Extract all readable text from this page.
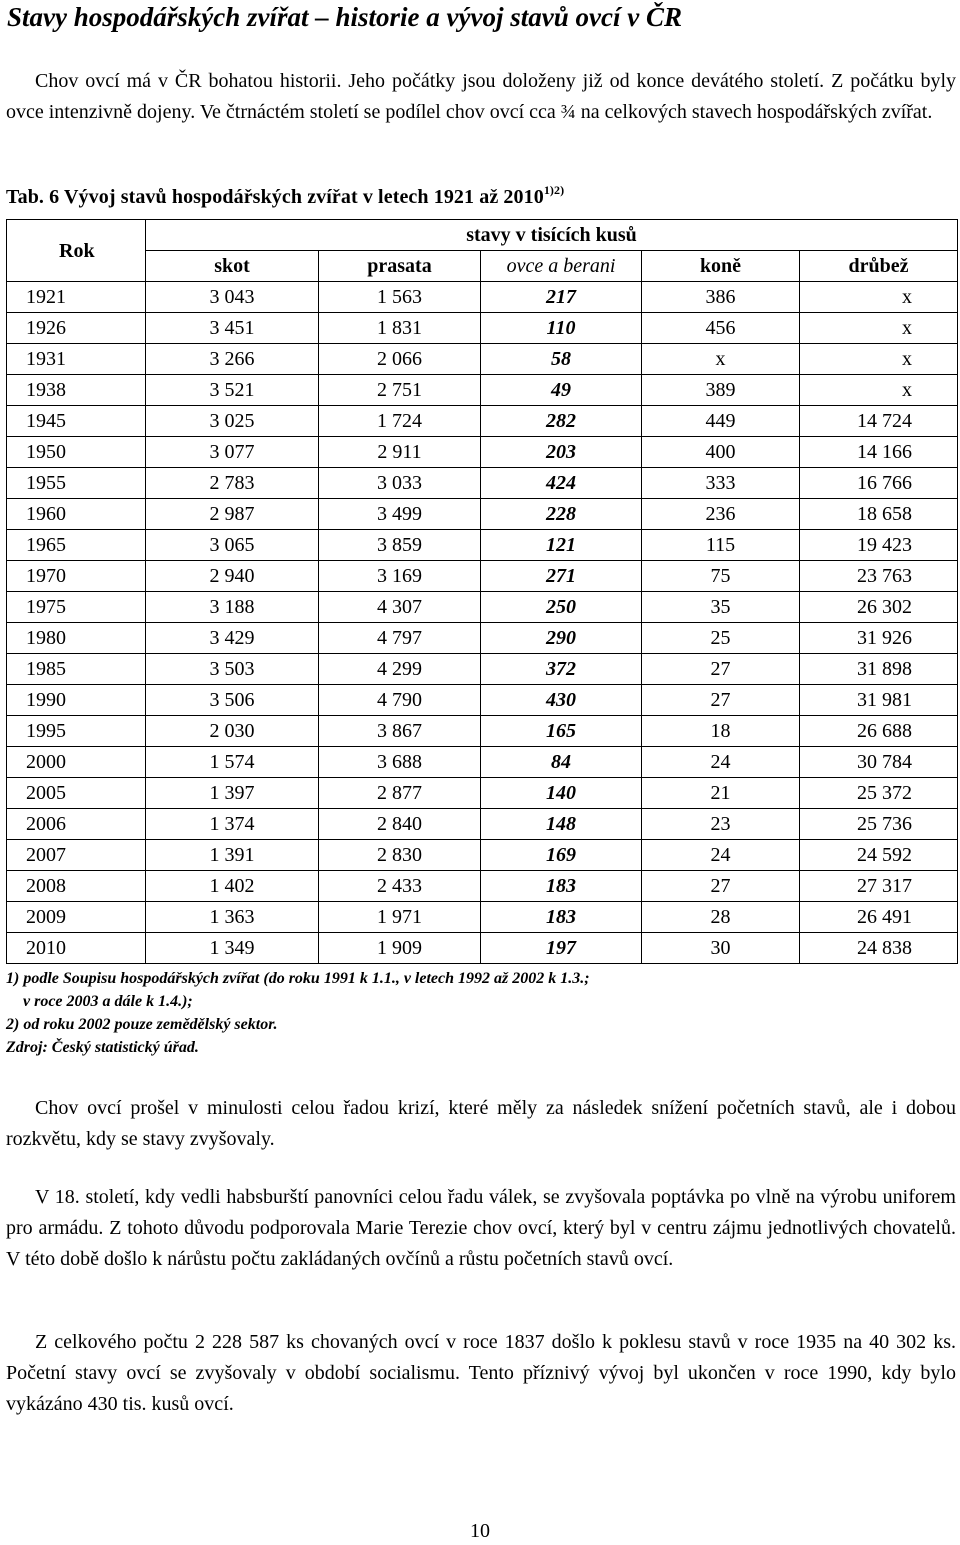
Stavy hospodářských zvířat – historie a vývoj stavů ovcí v ČR

Chov ovcí má v ČR bohatou historii. Jeho počátky jsou doloženy již od konce devátého století. Z počátku byly ovce intenzivně dojeny. Ve čtrnáctém století se podílel chov ovcí cca ¾ na celkových stavech hospodářských zvířat.

Tab. 6 Vývoj stavů hospodářských zvířat v letech 1921 až $2010^{1)2)}$
Rok	stavy v tisících kusů				
	skot	prasata	ovce a berani	koně	drůbež
1921	3 043	1 563	217	386	x
1926	3 451	1 831	110	456	x
1931	3 266	2 066	58	x	x
1938	3 521	2 751	49	389	x
1945	3 025	1 724	282	449	14 724
1950	3 077	2 911	203	400	14 166
1955	2 783	3 033	424	333	16 766
1960	2 987	3 499	228	236	18 658
1965	3 065	3 859	121	115	19 423
1970	2 940	3 169	271	75	23 763
1975	3 188	4 307	250	35	26 302
1980	3 429	4 797	290	25	31 926
1985	3 503	4 299	372	27	31 898
1990	3 506	4 790	430	27	31 981
1995	2 030	3 867	165	18	26 688
2000	1 574	3 688	84	24	30 784
2005	1 397	2 877	140	21	25 372
2006	1 374	2 840	148	23	25 736
2007	1 391	2 830	169	24	24 592
2008	1 402	2 433	183	27	27 317
2009	1 363	1 971	183	28	26 491
2010	1 349	1 909	197	30	24 838
1) podle Soupisu hospodářských zvířat (do roku 1991 k 1.1., v letech 1992 až 2002 k 1.3.;
v roce 2003 a dále k 1.4.);
2) od roku 2002 pouze zemědělský sektor.
Zdroj: Český statistický úřad.

Chov ovcí prošel v minulosti celou řadou krizí, které měly za následek snížení početních stavů, ale i dobou rozkvětu, kdy se stavy zvyšovaly.

V 18. století, kdy vedli habsburští panovníci celou řadu válek, se zvyšovala poptávka po vlně na výrobu uniforem pro armádu. Z tohoto důvodu podporovala Marie Terezie chov ovcí, který byl v centru zájmu jednotlivých chovatelů. V této době došlo k nárůstu počtu zakládaných ovčínů a růstu početních stavů ovcí.

Z celkového počtu 2 228 587 ks chovaných ovcí v roce 1837 došlo k poklesu stavů v roce 1935 na 40 302 ks. Početní stavy ovcí se zvyšovaly v období socialismu. Tento příznivý vývoj byl ukončen v roce 1990, kdy bylo vykázáno 430 tis. kusů ovcí.

10
